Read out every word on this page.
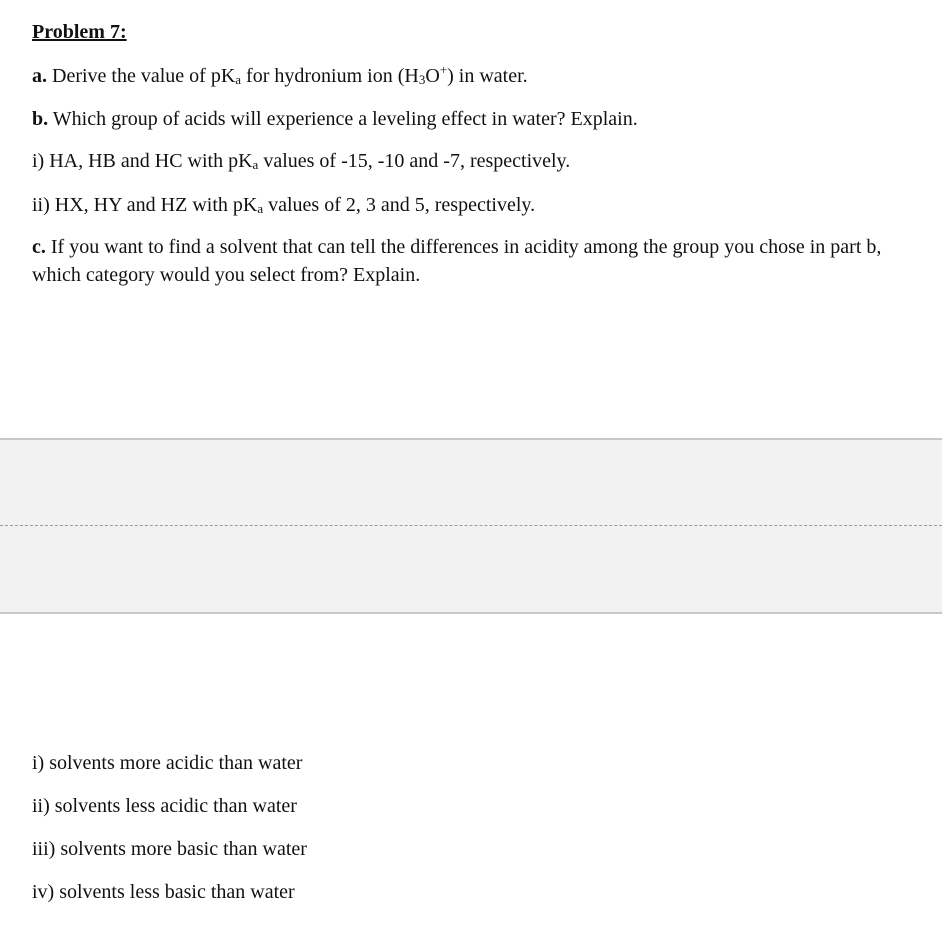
Problem 7:
a. Derive the value of $pK_a$ for hydronium ion $(H_3O^+)$ in water.
b. Which group of acids will experience a leveling effect in water? Explain.
i) HA, HB and HC with $pK_a$ values of -15, -10 and -7, respectively.
ii) HX, HY and HZ with $pK_a$ values of 2, 3 and 5, respectively.
c. If you want to find a solvent that can tell the differences in acidity among the group you chose in part b, which category would you select from? Explain.
i) solvents more acidic than water
ii) solvents less acidic than water
iii) solvents more basic than water
iv) solvents less basic than water
